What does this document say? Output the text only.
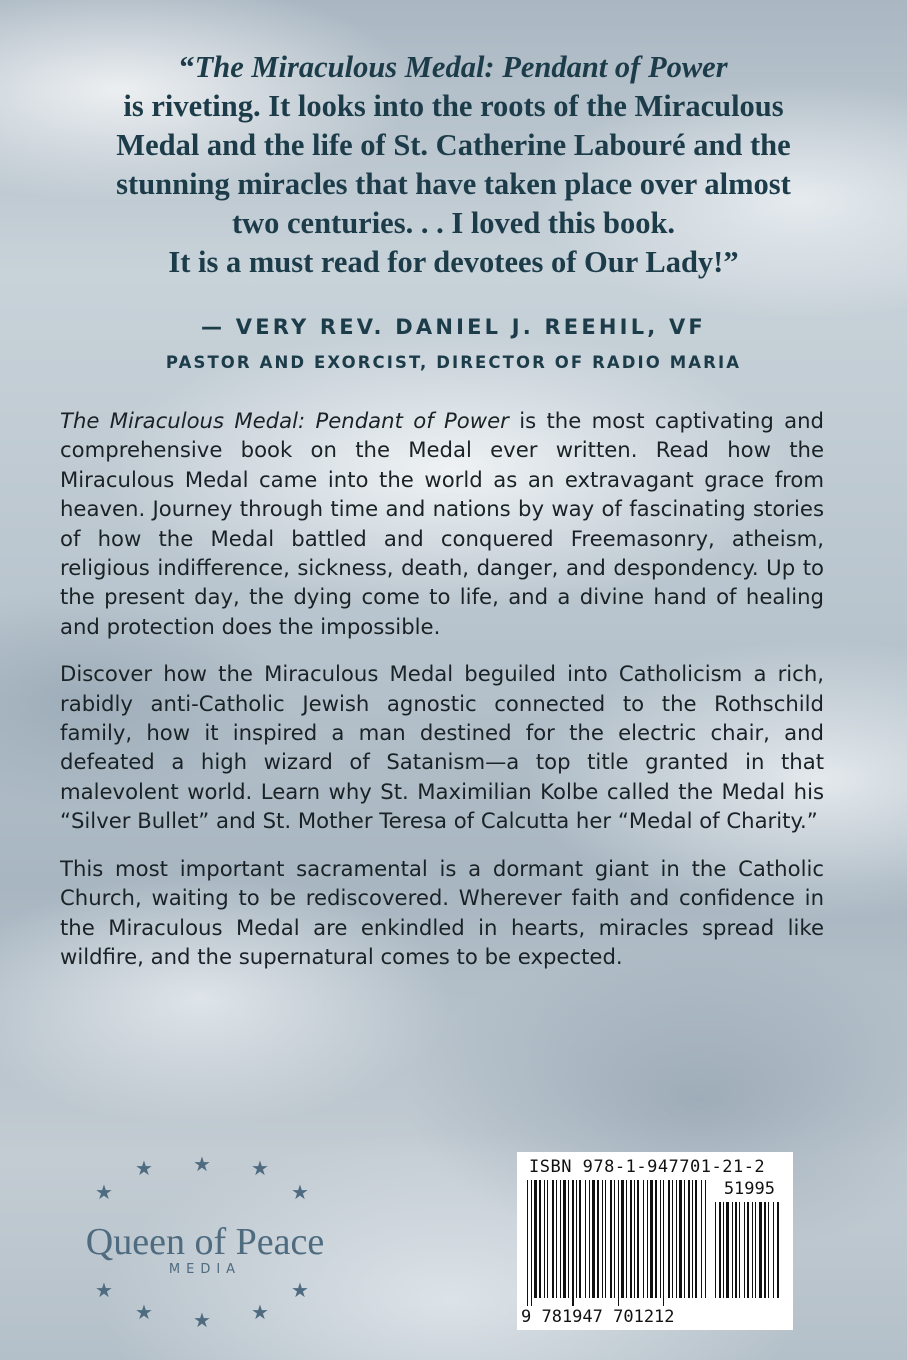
“The Miraculous Medal: Pendant of Power
is riveting. It looks into the roots of the Miraculous
Medal and the life of St. Catherine Labouré and the
stunning miracles that have taken place over almost
two centuries. . . I loved this book.
It is a must read for devotees of Our Lady!”
— VERY REV. DANIEL J. REEHIL, VF
PASTOR AND EXORCIST, DIRECTOR OF RADIO MARIA

The Miraculous Medal: Pendant of Power is the most captivating and comprehensive book on the Medal ever written. Read how the Miraculous Medal came into the world as an extravagant grace from heaven. Journey through time and nations by way of fascinating stories of how the Medal battled and conquered Freemasonry, atheism, religious indifference, sickness, death, danger, and despondency. Up to the present day, the dying come to life, and a divine hand of healing and protection does the impossible.

Discover how the Miraculous Medal beguiled into Catholicism a rich, rabidly anti-Catholic Jewish agnostic connected to the Rothschild family, how it inspired a man destined for the electric chair, and defeated a high wizard of Satanism—a top title granted in that malevolent world. Learn why St. Maximilian Kolbe called the Medal his “Silver Bullet” and St. Mother Teresa of Calcutta her “Medal of Charity.”

This most important sacramental is a dormant giant in the Catholic Church, waiting to be rediscovered. Wherever faith and confidence in the Miraculous Medal are enkindled in hearts, miracles spread like wildfire, and the supernatural comes to be expected.

★ ★ ★
★	★
Queen of Peace
MEDIA
★	★
★ ★ ★
ISBN 978-1-947701-21-2
51995
9 781947 701212
